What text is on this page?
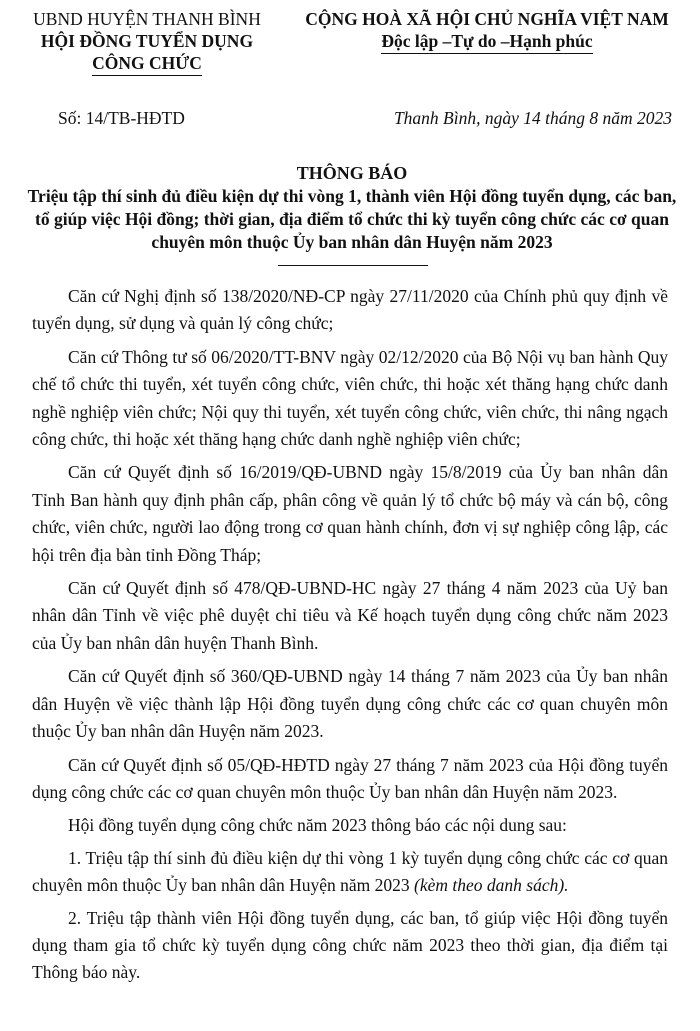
UBND HUYỆN THANH BÌNH
HỘI ĐỒNG TUYỂN DỤNG
CÔNG CHỨC
CỘNG HOÀ XÃ HỘI CHỦ NGHĨA VIỆT NAM
Độc lập –Tự do –Hạnh phúc
Số: 14/TB-HĐTD	Thanh Bình, ngày 14 tháng 8 năm 2023
THÔNG BÁO
Triệu tập thí sinh đủ điều kiện dự thi vòng 1, thành viên Hội đồng tuyển dụng, các ban, tổ giúp việc Hội đồng; thời gian, địa điểm tổ chức thi kỳ tuyển công chức các cơ quan chuyên môn thuộc Ủy ban nhân dân Huyện năm 2023

Căn cứ Nghị định số 138/2020/NĐ-CP ngày 27/11/2020 của Chính phủ quy định về tuyển dụng, sử dụng và quản lý công chức;

Căn cứ Thông tư số 06/2020/TT-BNV ngày 02/12/2020 của Bộ Nội vụ ban hành Quy chế tổ chức thi tuyển, xét tuyển công chức, viên chức, thi hoặc xét thăng hạng chức danh nghề nghiệp viên chức; Nội quy thi tuyển, xét tuyển công chức, viên chức, thi nâng ngạch công chức, thi hoặc xét thăng hạng chức danh nghề nghiệp viên chức;

Căn cứ Quyết định số 16/2019/QĐ-UBND ngày 15/8/2019 của Ủy ban nhân dân Tỉnh Ban hành quy định phân cấp, phân công về quản lý tổ chức bộ máy và cán bộ, công chức, viên chức, người lao động trong cơ quan hành chính, đơn vị sự nghiệp công lập, các hội trên địa bàn tỉnh Đồng Tháp;

Căn cứ Quyết định số 478/QĐ-UBND-HC ngày 27 tháng 4 năm 2023 của Uỷ ban nhân dân Tỉnh về việc phê duyệt chỉ tiêu và Kế hoạch tuyển dụng công chức năm 2023 của Ủy ban nhân dân huyện Thanh Bình.

Căn cứ Quyết định số 360/QĐ-UBND ngày 14 tháng 7 năm 2023 của Ủy ban nhân dân Huyện về việc thành lập Hội đồng tuyển dụng công chức các cơ quan chuyên môn thuộc Ủy ban nhân dân Huyện năm 2023.

Căn cứ Quyết định số 05/QĐ-HĐTD ngày 27 tháng 7 năm 2023 của Hội đồng tuyển dụng công chức các cơ quan chuyên môn thuộc Ủy ban nhân dân Huyện năm 2023.

Hội đồng tuyển dụng công chức năm 2023 thông báo các nội dung sau:

1. Triệu tập thí sinh đủ điều kiện dự thi vòng 1 kỳ tuyển dụng công chức các cơ quan chuyên môn thuộc Ủy ban nhân dân Huyện năm 2023 (kèm theo danh sách).

2. Triệu tập thành viên Hội đồng tuyển dụng, các ban, tổ giúp việc Hội đồng tuyển dụng tham gia tổ chức kỳ tuyển dụng công chức năm 2023 theo thời gian, địa điểm tại Thông báo này.
